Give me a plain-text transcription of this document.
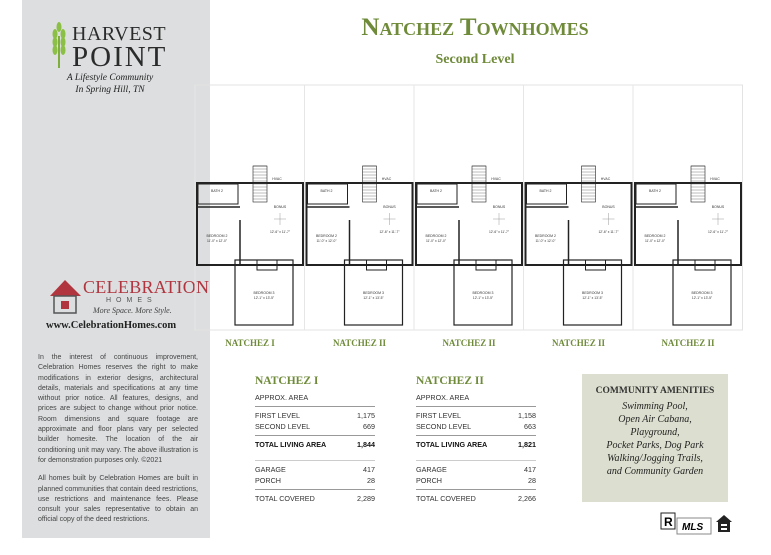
HARVEST
POINT
A Lifestyle Community
In Spring Hill, TN
CELEBRATION
HOMES
More Space. More Style.
www.CelebrationHomes.com

In the interest of continuous improvement, Celebration Homes reserves the right to make modifications in exterior designs, architectural details, materials and specifications at any time without prior notice. All features, designs, and prices are subject to change without prior notice. Room dimensions and square footage are approximate and floor plans vary per selected builder homesite. The location of the air conditioning unit may vary. The above illustration is for demonstration purposes only. ©2021

All homes built by Celebration Homes are built in planned communities that contain deed restrictions, use restrictions and maintenance fees. Please consult your sales representative to obtain an official copy of the deed restrictions.

Natchez Townhomes
Second Level
BATH 2
HVAC
BONUS
12'-6" x 11'-7"
BEDROOM 2
11'-0" x 12'-0"
BEDROOM 3
12'-1" x 13'-5"
BATH 2
HVAC
BONUS
12'-6" x 11'-7"
BEDROOM 2
11'-0" x 12'-0"
BEDROOM 3
12'-1" x 13'-5"
BATH 2
HVAC
BONUS
12'-6" x 11'-7"
BEDROOM 2
11'-0" x 12'-0"
BEDROOM 3
12'-1" x 13'-5"
BATH 2
HVAC
BONUS
12'-6" x 11'-7"
BEDROOM 2
11'-0" x 12'-0"
BEDROOM 3
12'-1" x 13'-5"
BATH 2
HVAC
BONUS
12'-6" x 11'-7"
BEDROOM 2
11'-0" x 12'-0"
BEDROOM 3
12'-1" x 13'-5"
NATCHEZ I	NATCHEZ II	NATCHEZ II	NATCHEZ II	NATCHEZ II
NATCHEZ I
APPROX. AREA
FIRST LEVEL	1,175
SECOND LEVEL	669
TOTAL LIVING AREA	1,844
GARAGE	417
PORCH	28
TOTAL COVERED	2,289
NATCHEZ II
APPROX. AREA
FIRST LEVEL	1,158
SECOND LEVEL	663
TOTAL LIVING AREA	1,821
GARAGE	417
PORCH	28
TOTAL COVERED	2,266
COMMUNITY AMENITIES
Swimming Pool,
Open Air Cabana,
Playground,
Pocket Parks, Dog Park
Walking/Jogging Trails,
and Community Garden
R MLS
